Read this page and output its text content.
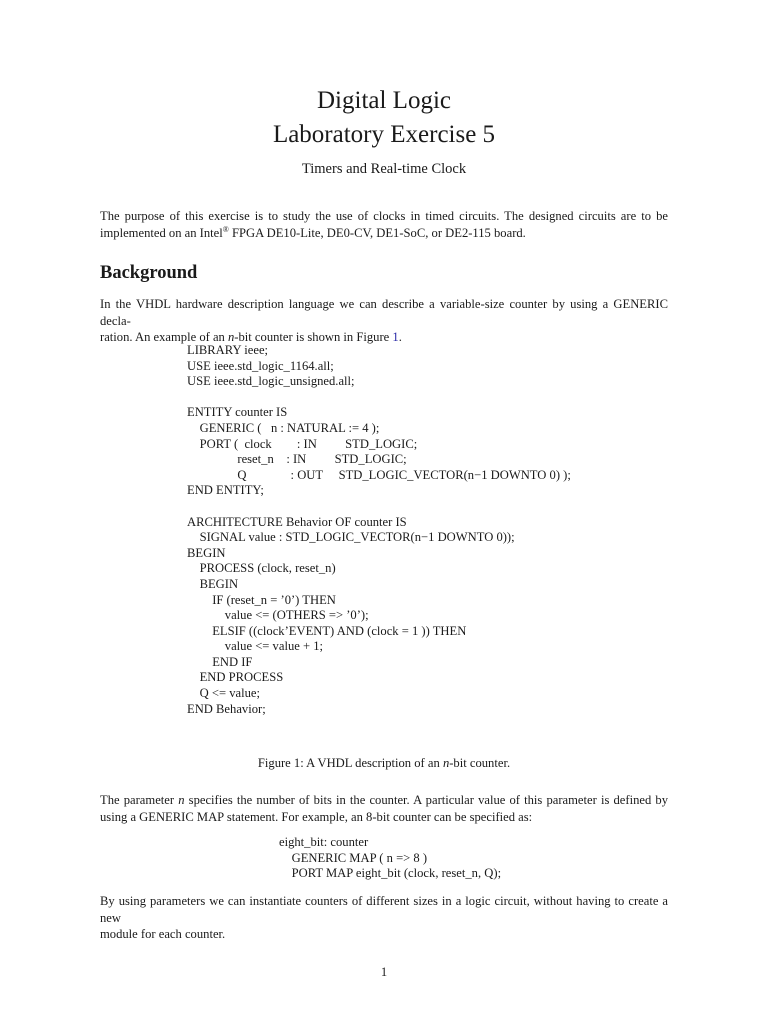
Digital Logic
Laboratory Exercise 5
Timers and Real-time Clock
The purpose of this exercise is to study the use of clocks in timed circuits. The designed circuits are to be
implemented on an Intel® FPGA DE10-Lite, DE0-CV, DE1-SoC, or DE2-115 board.
Background
In the VHDL hardware description language we can describe a variable-size counter by using a GENERIC decla-
ration. An example of an n-bit counter is shown in Figure 1.
LIBRARY ieee;
USE ieee.std_logic_1164.all;
USE ieee.std_logic_unsigned.all;
ENTITY counter IS
GENERIC (   n : NATURAL := 4 );
PORT (  clock        : IN         STD_LOGIC;
reset_n    : IN         STD_LOGIC;
Q              : OUT     STD_LOGIC_VECTOR(n−1 DOWNTO 0) );
END ENTITY;
ARCHITECTURE Behavior OF counter IS
SIGNAL value : STD_LOGIC_VECTOR(n−1 DOWNTO 0));
BEGIN
PROCESS (clock, reset_n)
BEGIN
IF (reset_n = ’0’) THEN
value <= (OTHERS => ’0’);
ELSIF ((clock’EVENT) AND (clock = 1 )) THEN
value <= value + 1;
END IF
END PROCESS
Q <= value;
END Behavior;
Figure 1: A VHDL description of an n-bit counter.
The parameter n specifies the number of bits in the counter. A particular value of this parameter is defined by
using a GENERIC MAP statement. For example, an 8-bit counter can be specified as:
eight_bit: counter
GENERIC MAP ( n => 8 )
PORT MAP eight_bit (clock, reset_n, Q);
By using parameters we can instantiate counters of different sizes in a logic circuit, without having to create a new
module for each counter.
1
